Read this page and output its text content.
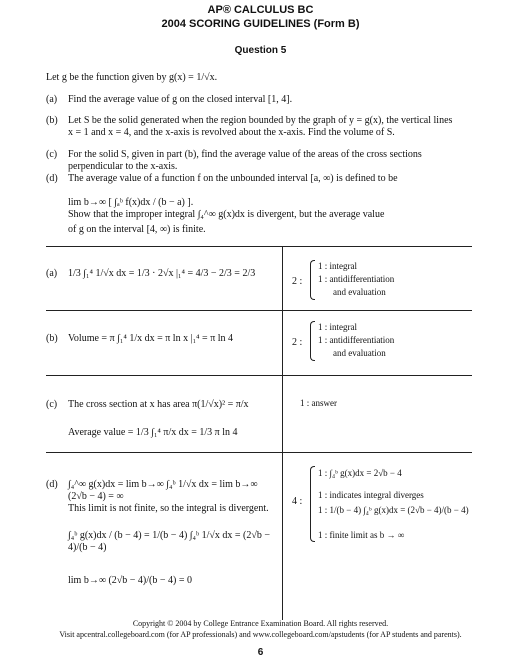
AP® CALCULUS BC
2004 SCORING GUIDELINES (Form B)
Question 5
Let g be the function given by g(x) = 1/√x.
(a) Find the average value of g on the closed interval [1, 4].
(b) Let S be the solid generated when the region bounded by the graph of y = g(x), the vertical lines
x = 1 and x = 4, and the x-axis is revolved about the x-axis. Find the volume of S.
(c) For the solid S, given in part (b), find the average value of the areas of the cross sections
perpendicular to the x-axis.
(d) The average value of a function f on the unbounded interval [a, ∞) is defined to be
lim b→∞ [ ∫ₐᵇ f(x)dx / (b − a) ].
Show that the improper integral ∫₄^∞ g(x)dx is divergent, but the average value
of g on the interval [4, ∞) is finite.
(a) 1/3 ∫₁⁴ 1/√x dx = 1/3 · 2√x |₁⁴ = 4/3 − 2/3 = 2/3
2 :
1 : integral
1 : antidifferentiation
and evaluation
(b) Volume = π ∫₁⁴ 1/x dx = π ln x |₁⁴ = π ln 4	2 :
1 : integral
1 : antidifferentiation
and evaluation
(c) The cross section at x has area π(1/√x)² = π/x
Average value = 1/3 ∫₁⁴ π/x dx = 1/3 π ln 4
1 : answer
(d) ∫₄^∞ g(x)dx = lim b→∞ ∫₄ᵇ 1/√x dx = lim b→∞ (2√b − 4) = ∞
This limit is not finite, so the integral is divergent.
∫₄ᵇ g(x)dx / (b − 4) = 1/(b − 4) ∫₄ᵇ 1/√x dx = (2√b − 4)/(b − 4)
lim b→∞ (2√b − 4)/(b − 4) = 0
4 :
1 : ∫₄ᵇ g(x)dx = 2√b − 4
1 : indicates integral diverges
1 : 1/(b − 4) ∫₄ᵇ g(x)dx = (2√b − 4)/(b − 4)
1 : finite limit as b → ∞
Copyright © 2004 by College Entrance Examination Board. All rights reserved.
Visit apcentral.collegeboard.com (for AP professionals) and www.collegeboard.com/apstudents (for AP students and parents).
6
